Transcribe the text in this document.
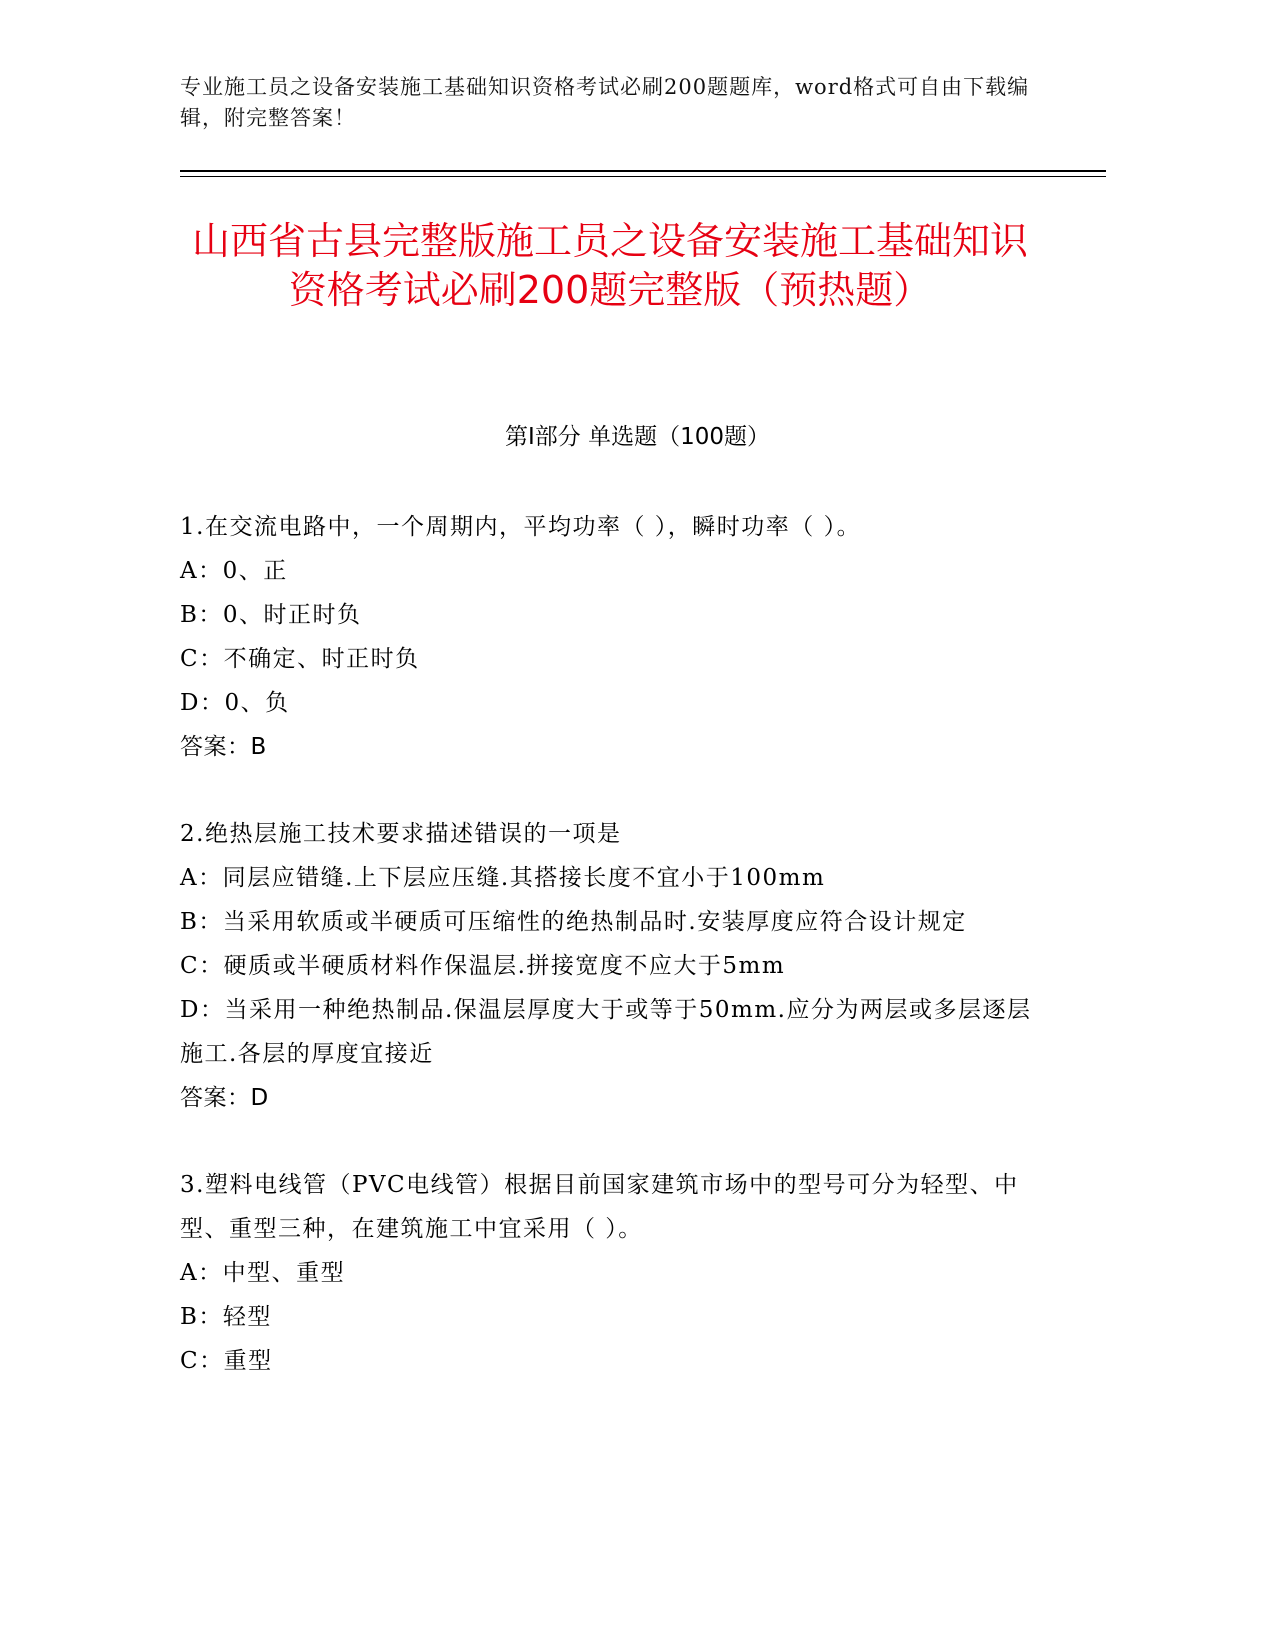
专业施工员之设备安装施工基础知识资格考试必刷200题题库，word格式可自由下载编辑，附完整答案！
山西省古县完整版施工员之设备安装施工基础知识资格考试必刷200题完整版（预热题）
第Ⅰ部分 单选题（100题）
1.在交流电路中，一个周期内，平均功率（ ），瞬时功率（ ）。
A：0、正
B：0、时正时负
C：不确定、时正时负
D：0、负
答案：B
2.绝热层施工技术要求描述错误的一项是
A：同层应错缝.上下层应压缝.其搭接长度不宜小于100mm
B：当采用软质或半硬质可压缩性的绝热制品时.安装厚度应符合设计规定
C：硬质或半硬质材料作保温层.拼接宽度不应大于5mm
D：当采用一种绝热制品.保温层厚度大于或等于50mm.应分为两层或多层逐层施工.各层的厚度宜接近
答案：D
3.塑料电线管（PVC电线管）根据目前国家建筑市场中的型号可分为轻型、中型、重型三种，在建筑施工中宜采用（ ）。
A：中型、重型
B：轻型
C：重型
